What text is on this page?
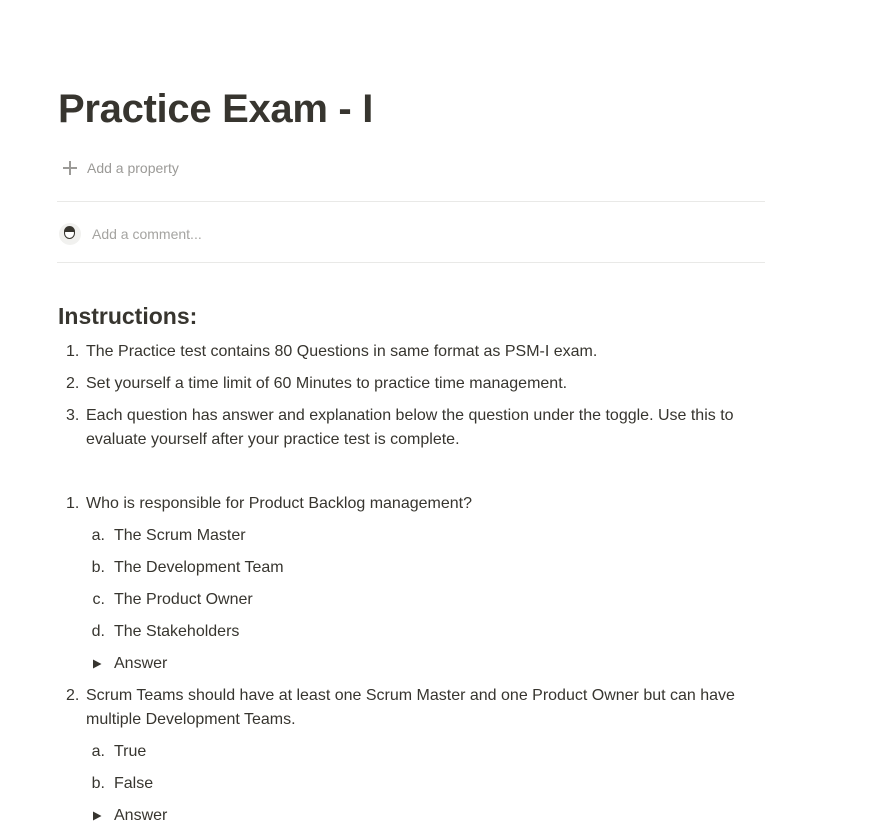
Practice Exam - I
Add a property
Add a comment...
Instructions:
1. The Practice test contains 80 Questions in same format as PSM-I exam.
2. Set yourself a time limit of 60 Minutes to practice time management.
3. Each question has answer and explanation below the question under the toggle. Use this to evaluate yourself after your practice test is complete.
1. Who is responsible for Product Backlog management?
a. The Scrum Master
b. The Development Team
c. The Product Owner
d. The Stakeholders
Answer
2. Scrum Teams should have at least one Scrum Master and one Product Owner but can have multiple Development Teams.
a. True
b. False
Answer
